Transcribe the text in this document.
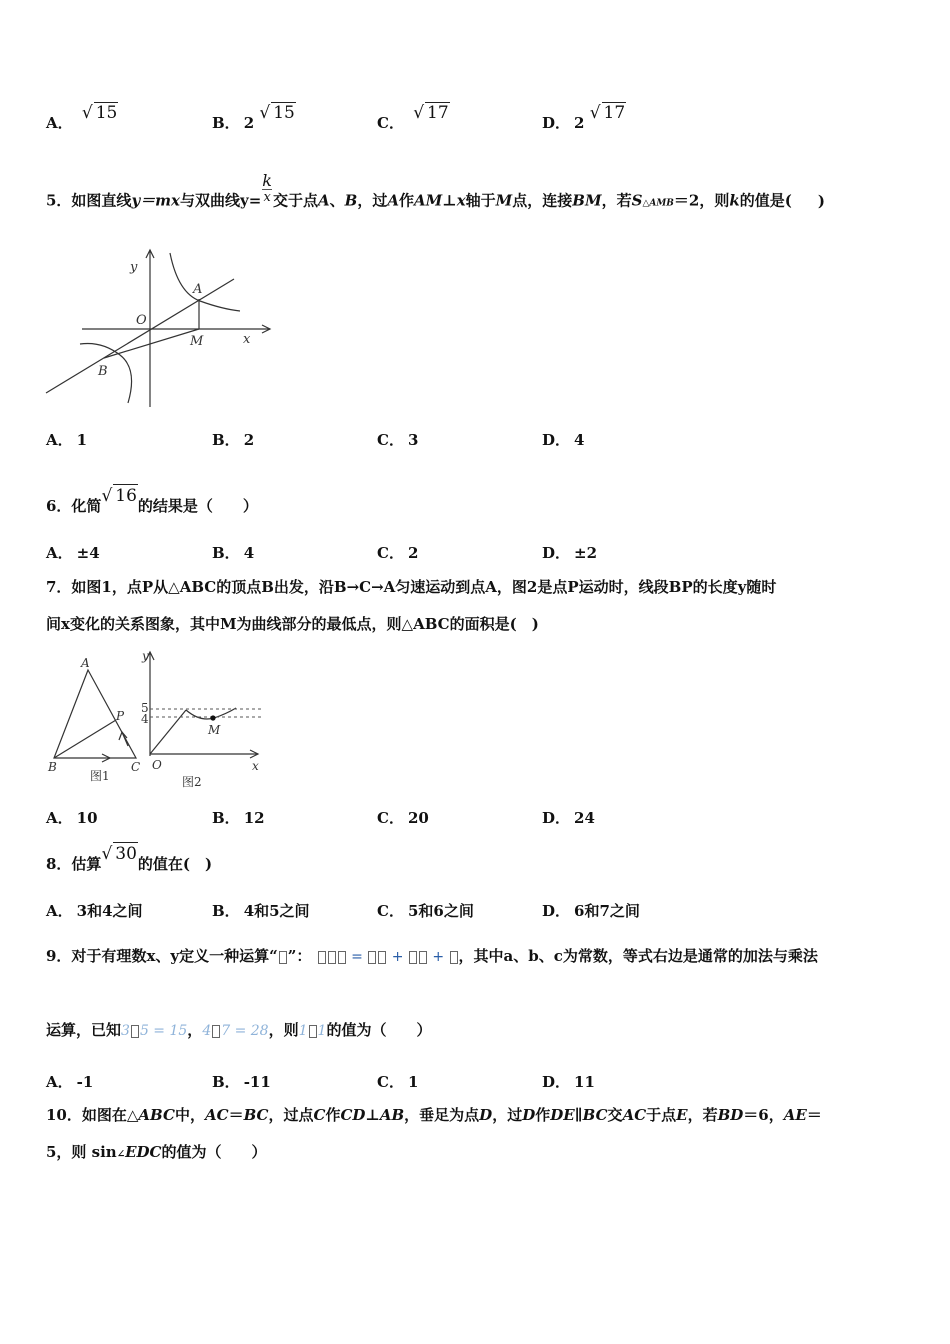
A． √ 15	B． 2 √ 15	C． √ 17	D． 2 √ 17
5．如图直线y＝mx与双曲线$y= \frac{k}{x}$ 交于点A、B，过A作AM⊥x轴于M点，连接BM，若S△AMB＝2，则k的值是( )
y
O
A
M	x
B
A． 1	B． 2	C． 3	D． 4
6．化简√ 16的结果是（　　）
A． ±4	B． 4	C． 2	D． ±2
7．如图1，点P从△ABC的顶点B出发，沿B→C→A匀速运动到点A，图2是点P运动时，线段BP的长度y随时
间x变化的关系图象，其中M为曲线部分的最低点，则△ABC的面积是(　)
A
P
B	C
图1
y
5
4
M
O	x
图2
A． 10	B． 12	C． 20	D． 24
8．估算√ 30的值在(　)
A． 3和4之间	B． 4和5之间	C． 5和6之间	D． 6和7之间
9．对于有理数x、y定义一种运算“ ”：	= + + ，其中a、b、c为常数，等式右边是通常的加法与乘法
运算，已知3 5 = 15，4 7 = 28，则1 1的值为（　　）
A． -1	B． -11	C． 1	D． 11
10．如图在△ABC中，AC＝BC，过点C作CD⊥AB，垂足为点D，过D作DE∥BC交AC于点E，若BD＝6，AE＝
5，则 sin∠EDC的值为（　　）
